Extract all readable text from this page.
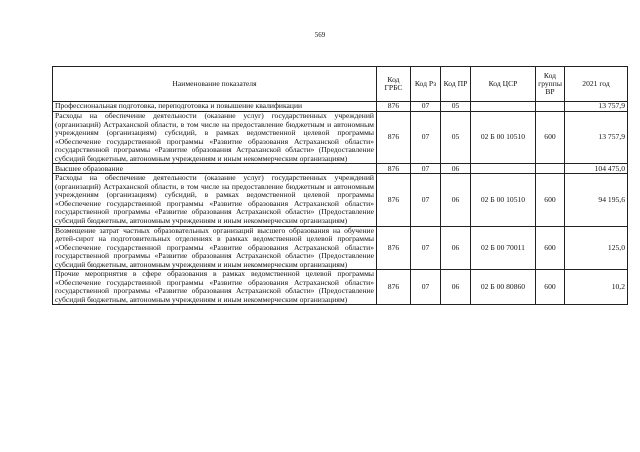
569
Наименование показателя	Код ГРБС	Код Рз	Код ПР	Код ЦСР	Код группы ВР	2021 год
Профессиональная подготовка, переподготовка и повышение квалификации	876	07	05			13 757,9
Расходы на обеспечение деятельности (оказание услуг) государственных учреждений (организаций) Астраханской области, в том числе на предоставление бюджетным и автономным учреждениям (организациям) субсидий, в рамках ведомственной целевой программы «Обеспечение государственной программы «Развитие образования Астраханской области» государственной программы «Развитие образования Астраханской области» (Предоставление субсидий бюджетным, автономным учреждениям и иным некоммерческим организациям)	876	07	05	02 Б 00 10510	600	13 757,9
Высшее образование	876	07	06			104 475,0
Расходы на обеспечение деятельности (оказание услуг) государственных учреждений (организаций) Астраханской области, в том числе на предоставление бюджетным и автономным учреждениям (организациям) субсидий, в рамках ведомственной целевой программы «Обеспечение государственной программы «Развитие образования Астраханской области» государственной программы «Развитие образования Астраханской области» (Предоставление субсидий бюджетным, автономным учреждениям и иным некоммерческим организациям)	876	07	06	02 Б 00 10510	600	94 195,6
Возмещение затрат частных образовательных организаций высшего образования на обучение детей-сирот на подготовительных отделениях в рамках ведомственной целевой программы «Обеспечение государственной программы «Развитие образования Астраханской области» государственной программы «Развитие образования Астраханской области» (Предоставление субсидий бюджетным, автономным учреждениям и иным некоммерческим организациям)	876	07	06	02 Б 00 70011	600	125,0
Прочие мероприятия в сфере образования в рамках ведомственной целевой программы «Обеспечение государственной программы «Развитие образования Астраханской области» государственной программы «Развитие образования Астраханской области» (Предоставление субсидий бюджетным, автономным учреждениям и иным некоммерческим организациям)	876	07	06	02 Б 00 80860	600	10,2
